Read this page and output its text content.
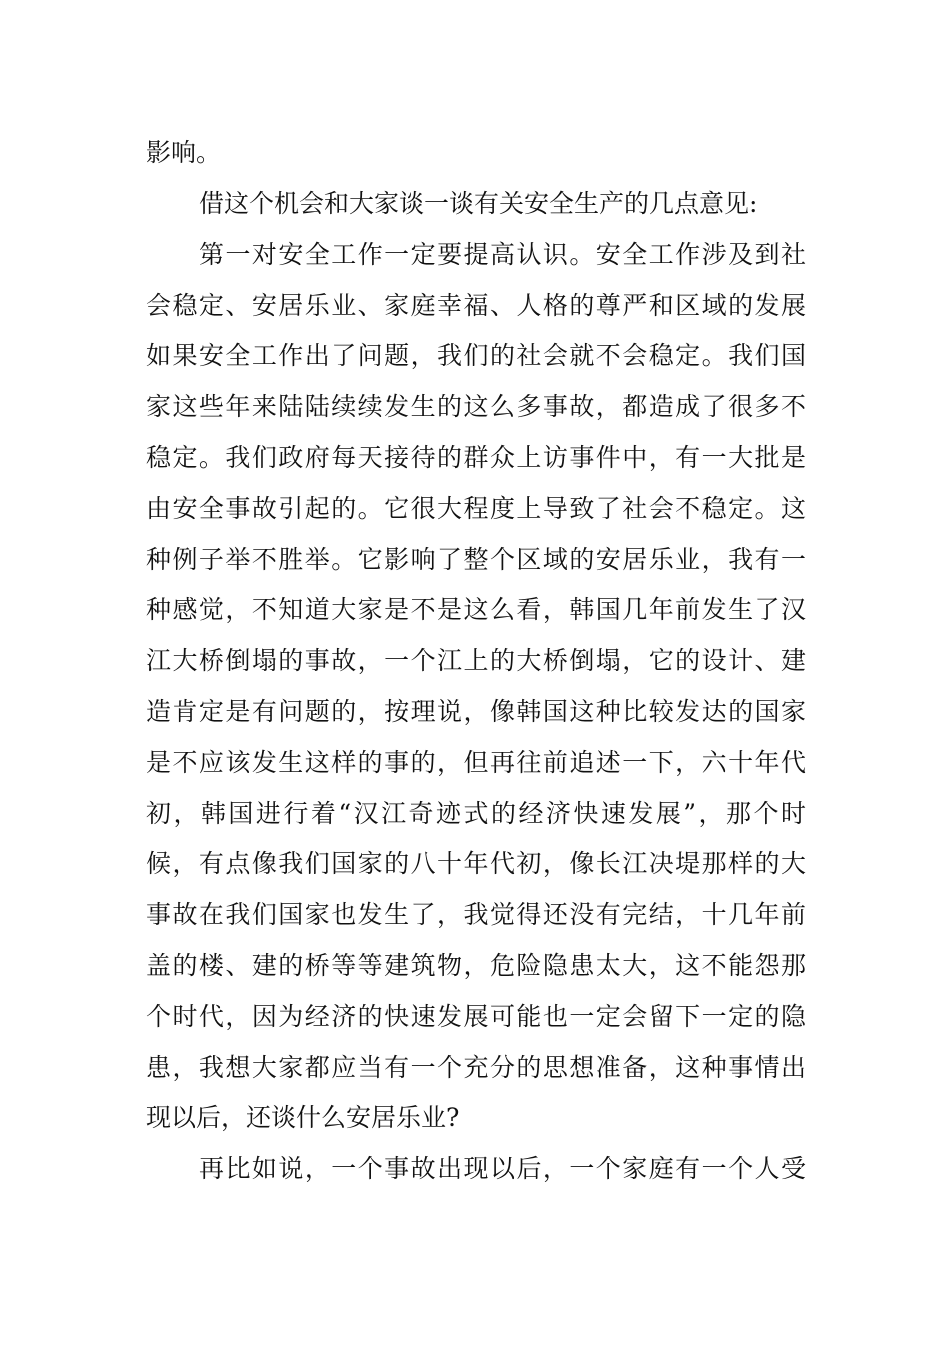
影响。
借这个机会和大家谈一谈有关安全生产的几点意见:
第一对安全工作一定要提高认识。安全工作涉及到社
会稳定、安居乐业、家庭幸福、人格的尊严和区域的发展
如果安全工作出了问题，我们的社会就不会稳定。我们国
家这些年来陆陆续续发生的这么多事故，都造成了很多不
稳定。我们政府每天接待的群众上访事件中，有一大批是
由安全事故引起的。它很大程度上导致了社会不稳定。这
种例子举不胜举。它影响了整个区域的安居乐业，我有一
种感觉，不知道大家是不是这么看，韩国几年前发生了汉
江大桥倒塌的事故，一个江上的大桥倒塌，它的设计、建
造肯定是有问题的，按理说，像韩国这种比较发达的国家
是不应该发生这样的事的，但再往前追述一下，六十年代
初，韩国进行着“汉江奇迹式的经济快速发展”，那个时
候，有点像我们国家的八十年代初，像长江决堤那样的大
事故在我们国家也发生了，我觉得还没有完结，十几年前
盖的楼、建的桥等等建筑物，危险隐患太大，这不能怨那
个时代，因为经济的快速发展可能也一定会留下一定的隐
患，我想大家都应当有一个充分的思想准备，这种事情出
现以后，还谈什么安居乐业?
再比如说，一个事故出现以后，一个家庭有一个人受
